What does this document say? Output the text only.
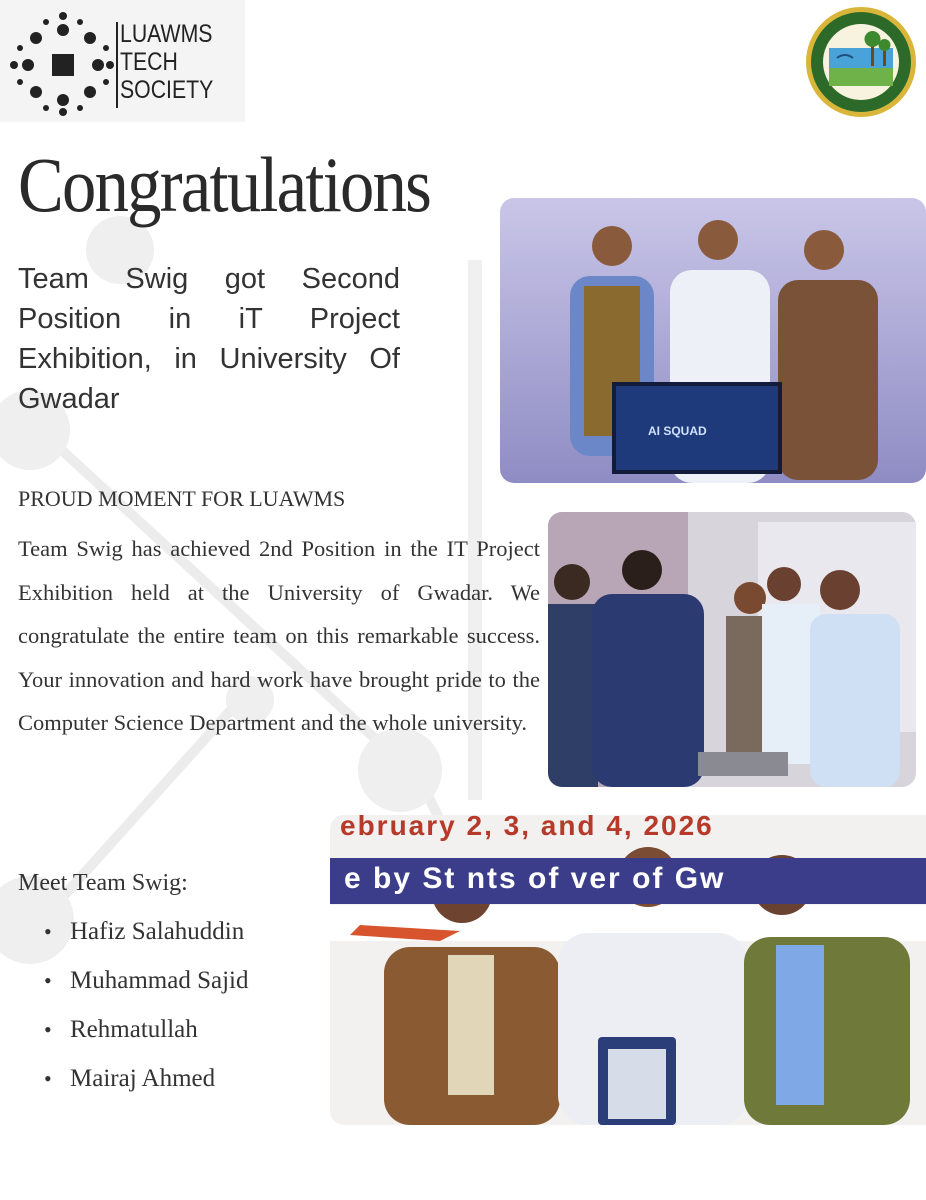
LUAWMS
TECH
SOCIETY
LUAWMS
Congratulations
Team Swig got Second Position in iT Project Exhibition, in University Of Gwadar
PROUD MOMENT FOR LUAWMS
Team Swig has achieved 2nd Position in the IT Project Exhibition held at the University of Gwadar. We congratulate the entire team on this remarkable success. Your innovation and hard work have brought pride to the Computer Science Department and the whole university.
Meet Team Swig:
• Hafiz Salahuddin
• Muhammad Sajid
• Rehmatullah
• Mairaj Ahmed
AI SQUAD
ebruary 2, 3, and 4, 2026
e by St nts of ver of Gw
